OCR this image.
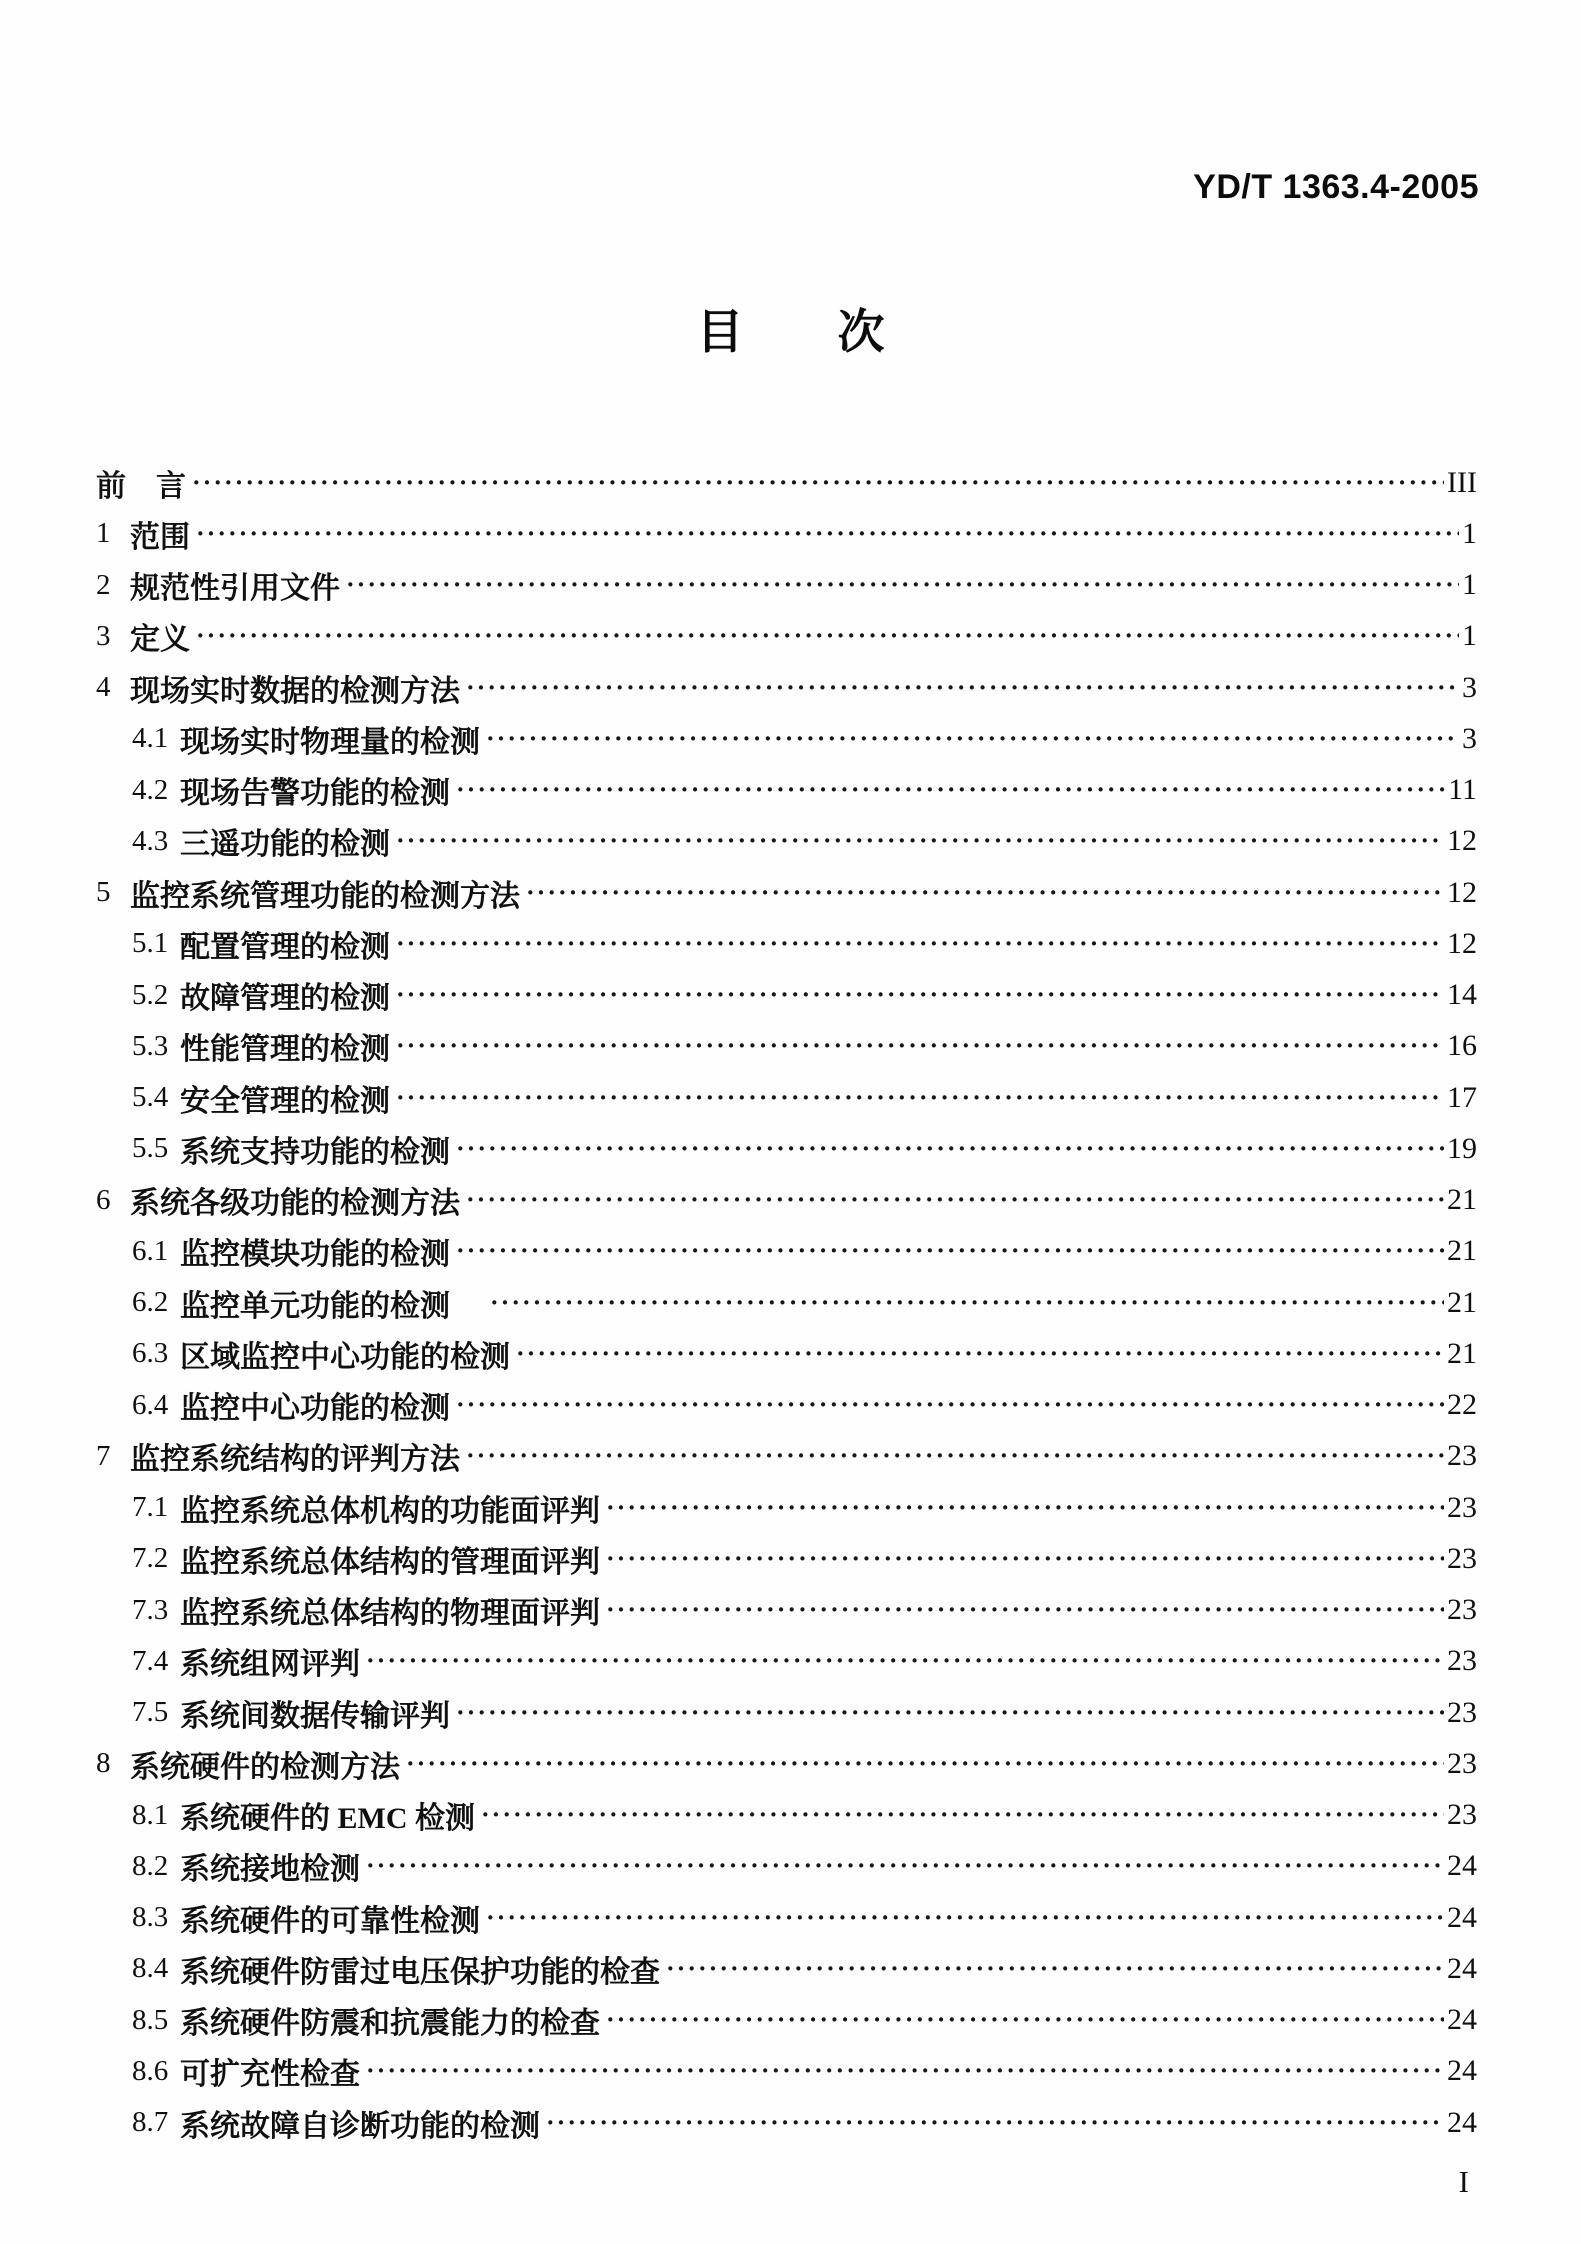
YD/T 1363.4-2005
目　　次
前　言 ·····	III
1 范围 ·····	1
2 规范性引用文件 ·····	1
3 定义 ·····	1
4 现场实时数据的检测方法 ·····	3
4.1 现场实时物理量的检测 ·····	3
4.2 现场告警功能的检测 ·····	11
4.3 三遥功能的检测 ·····	12
5 监控系统管理功能的检测方法 ·····	12
5.1 配置管理的检测 ·····	12
5.2 故障管理的检测 ·····	14
5.3 性能管理的检测 ·····	16
5.4 安全管理的检测 ·····	17
5.5 系统支持功能的检测 ·····	19
6 系统各级功能的检测方法 ·····	21
6.1 监控模块功能的检测 ·····	21
6.2 监控单元功能的检测 ·····	21
6.3 区域监控中心功能的检测 ·····	21
6.4 监控中心功能的检测 ·····	22
7 监控系统结构的评判方法 ·····	23
7.1 监控系统总体机构的功能面评判 ·····	23
7.2 监控系统总体结构的管理面评判 ·····	23
7.3 监控系统总体结构的物理面评判 ·····	23
7.4 系统组网评判 ·····	23
7.5 系统间数据传输评判 ·····	23
8 系统硬件的检测方法 ·····	23
8.1 系统硬件的 EMC 检测 ·····	23
8.2 系统接地检测 ·····	24
8.3 系统硬件的可靠性检测 ·····	24
8.4 系统硬件防雷过电压保护功能的检查 ·····	24
8.5 系统硬件防震和抗震能力的检查 ·····	24
8.6 可扩充性检查 ·····	24
8.7 系统故障自诊断功能的检测 ·····	24
I
